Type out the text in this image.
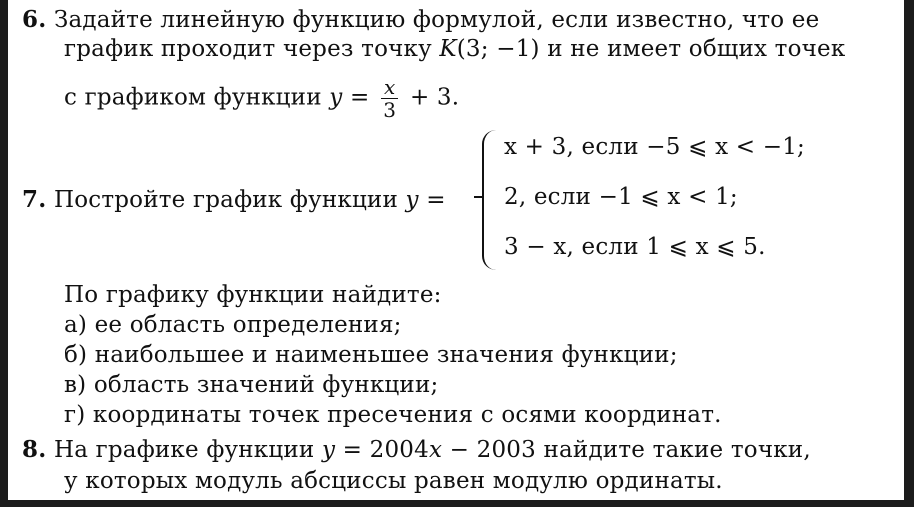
6. Задайте линейную функцию формулой, если известно, что ее
график проходит через точку K(3; −1) и не имеет общих точек
с графиком функции $y = \frac{x}{3} + 3$.
7. Постройте график функции y =
x + 3, если −5 ⩽ x < −1;
2, если −1 ⩽ x < 1;
3 − x, если 1 ⩽ x ⩽ 5.
По графику функции найдите:
а) ее область определения;
б) наибольшее и наименьшее значения функции;
в) область значений функции;
г) координаты точек пресечения с осями координат.
8. На графике функции y = 2004x − 2003 найдите такие точки,
у которых модуль абсциссы равен модулю ординаты.
